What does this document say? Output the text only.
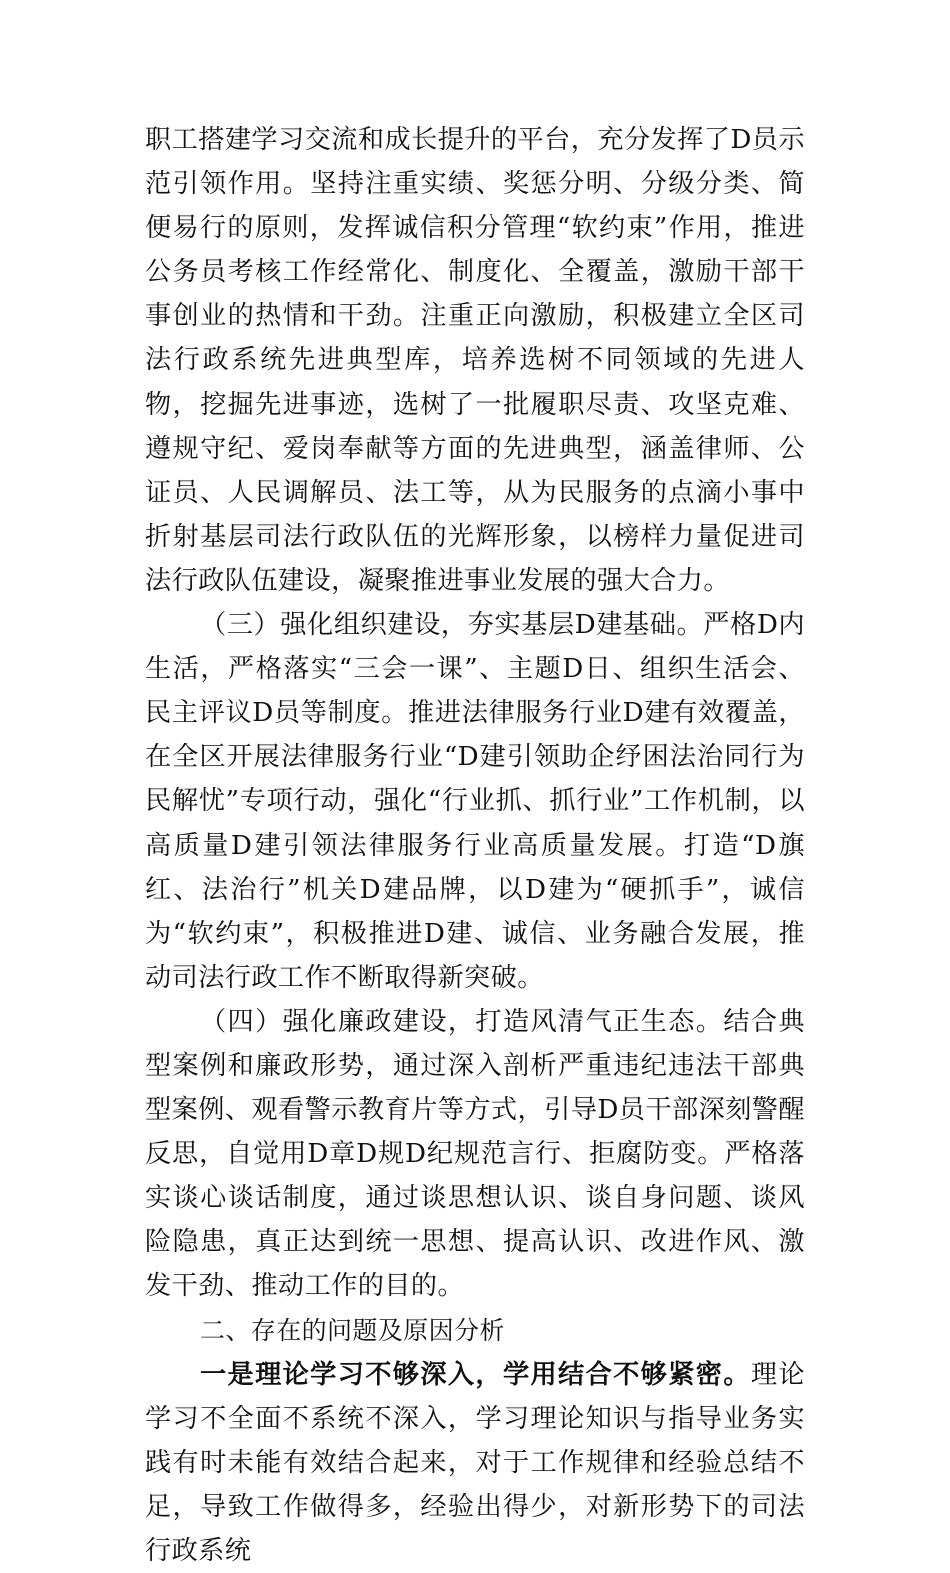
职工搭建学习交流和成长提升的平台，充分发挥了D员示范引领作用。坚持注重实绩、奖惩分明、分级分类、简便易行的原则，发挥诚信积分管理“软约束”作用，推进公务员考核工作经常化、制度化、全覆盖，激励干部干事创业的热情和干劲。注重正向激励，积极建立全区司法行政系统先进典型库，培养选树不同领域的先进人物，挖掘先进事迹，选树了一批履职尽责、攻坚克难、遵规守纪、爱岗奉献等方面的先进典型，涵盖律师、公证员、人民调解员、法工等，从为民服务的点滴小事中折射基层司法行政队伍的光辉形象，以榜样力量促进司法行政队伍建设，凝聚推进事业发展的强大合力。

（三）强化组织建设，夯实基层D建基础。严格D内生活，严格落实“三会一课”、主题D日、组织生活会、民主评议D员等制度。推进法律服务行业D建有效覆盖，在全区开展法律服务行业“D建引领助企纾困法治同行为民解忧”专项行动，强化“行业抓、抓行业”工作机制，以高质量D建引领法律服务行业高质量发展。打造“D旗红、法治行”机关D建品牌，以D建为“硬抓手”，诚信为“软约束”，积极推进D建、诚信、业务融合发展，推动司法行政工作不断取得新突破。

（四）强化廉政建设，打造风清气正生态。结合典型案例和廉政形势，通过深入剖析严重违纪违法干部典型案例、观看警示教育片等方式，引导D员干部深刻警醒反思，自觉用D章D规D纪规范言行、拒腐防变。严格落实谈心谈话制度，通过谈思想认识、谈自身问题、谈风险隐患，真正达到统一思想、提高认识、改进作风、激发干劲、推动工作的目的。

二、存在的问题及原因分析

一是理论学习不够深入，学用结合不够紧密。理论学习不全面不系统不深入，学习理论知识与指导业务实践有时未能有效结合起来，对于工作规律和经验总结不足，导致工作做得多，经验出得少，对新形势下的司法行政系统
